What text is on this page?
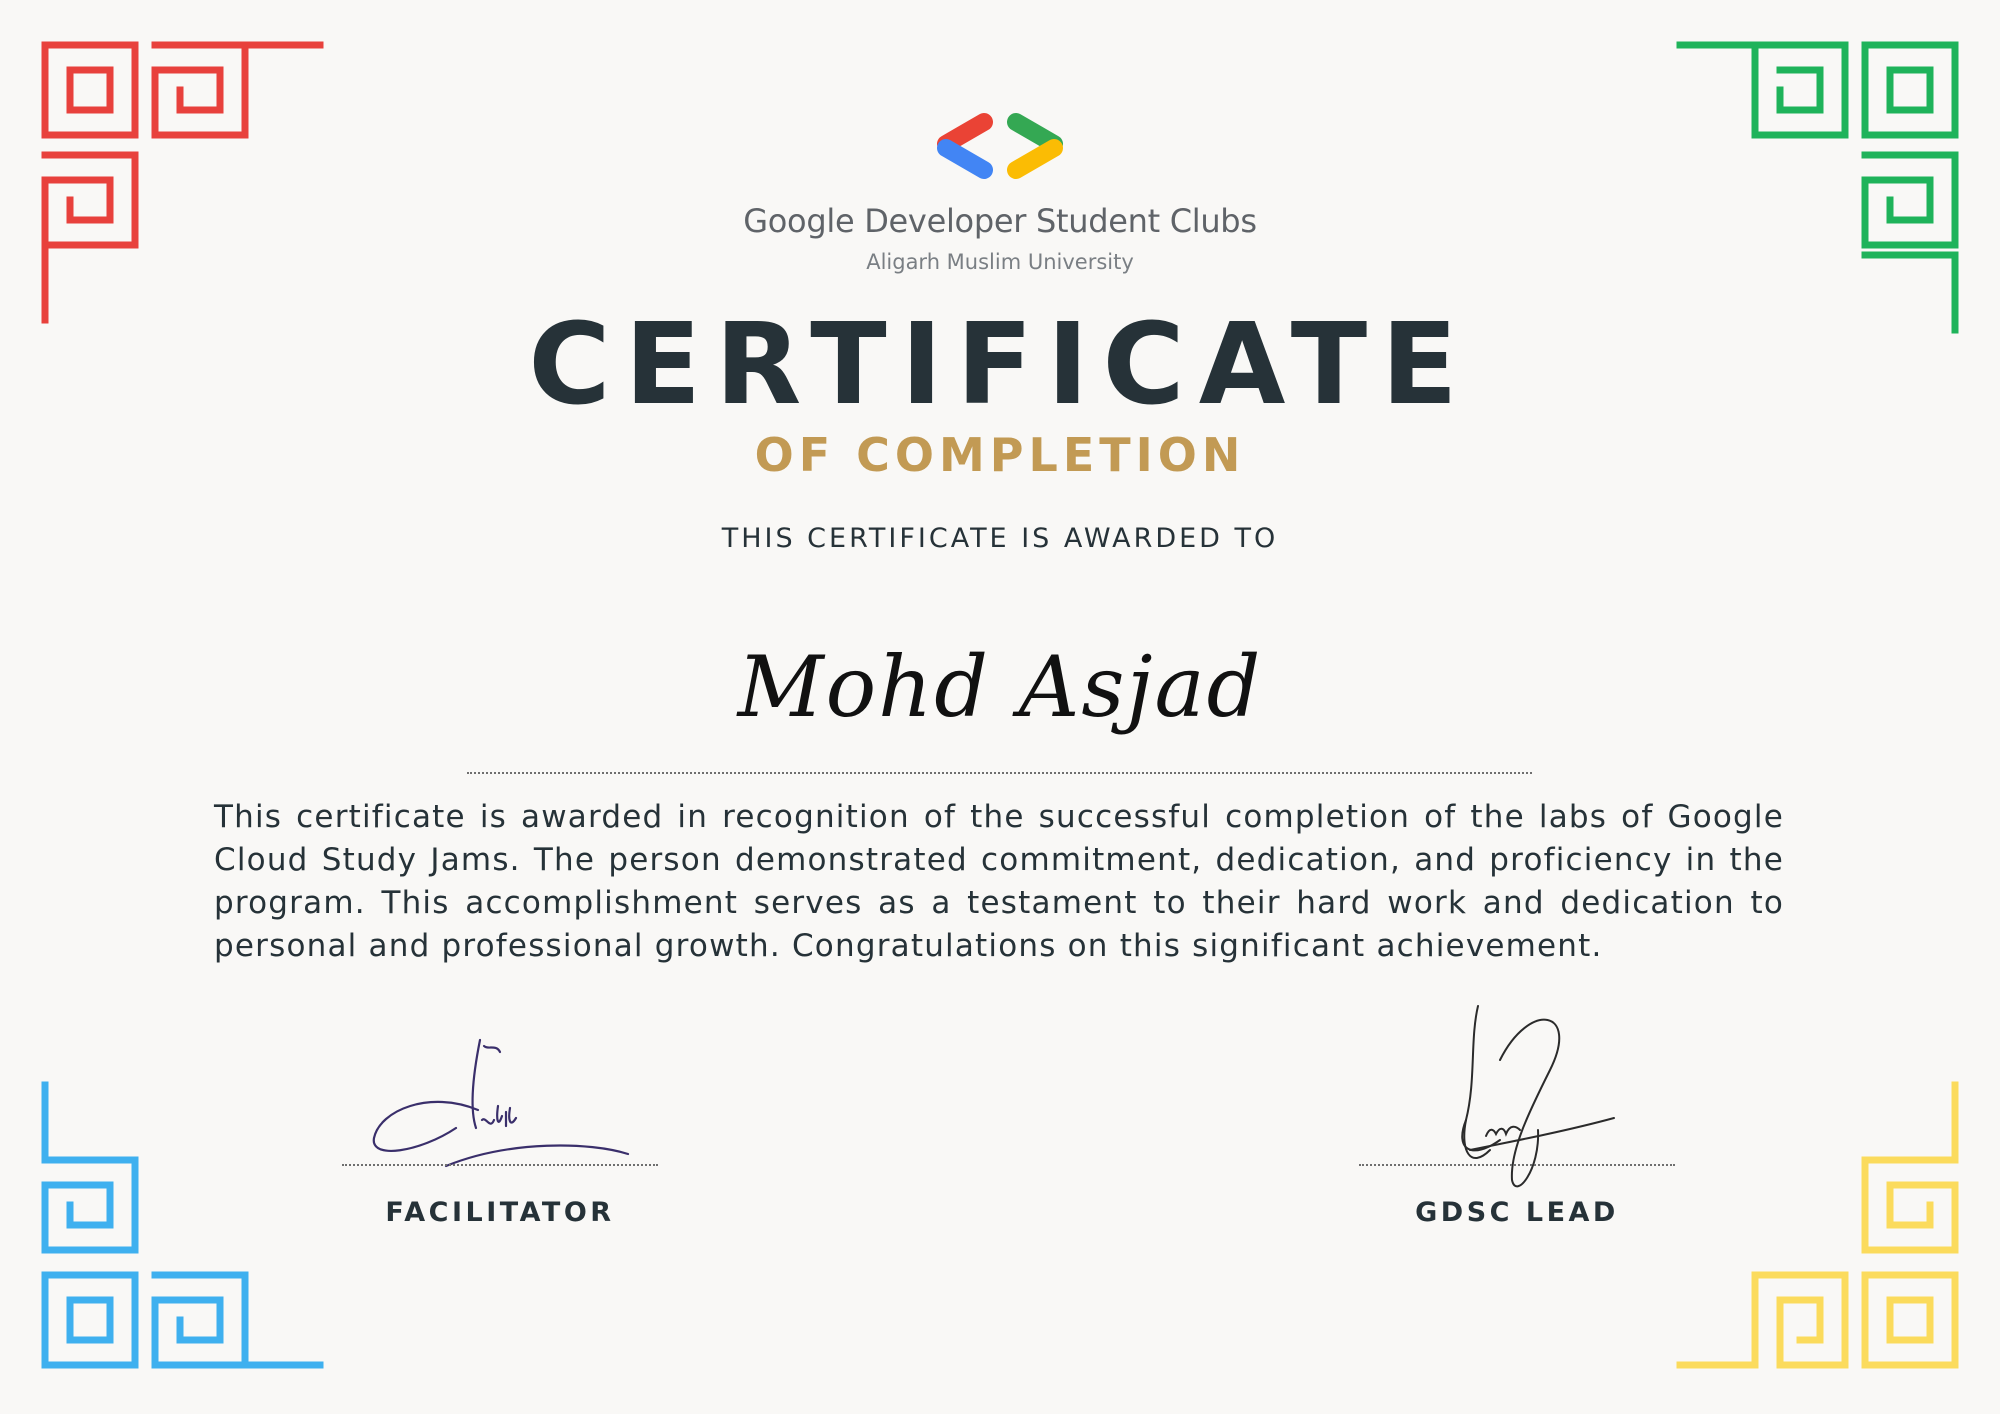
Google Developer Student Clubs
Aligarh Muslim University
CERTIFICATE
OF COMPLETION
THIS CERTIFICATE IS AWARDED TO
Mohd Asjad
This certificate is awarded in recognition of the successful completion of the labs of Google Cloud Study Jams. The person demonstrated commitment, dedication, and proficiency in the program. This accomplishment serves as a testament to their hard work and dedication to personal and professional growth. Congratulations on this significant achievement.
FACILITATOR	GDSC LEAD
